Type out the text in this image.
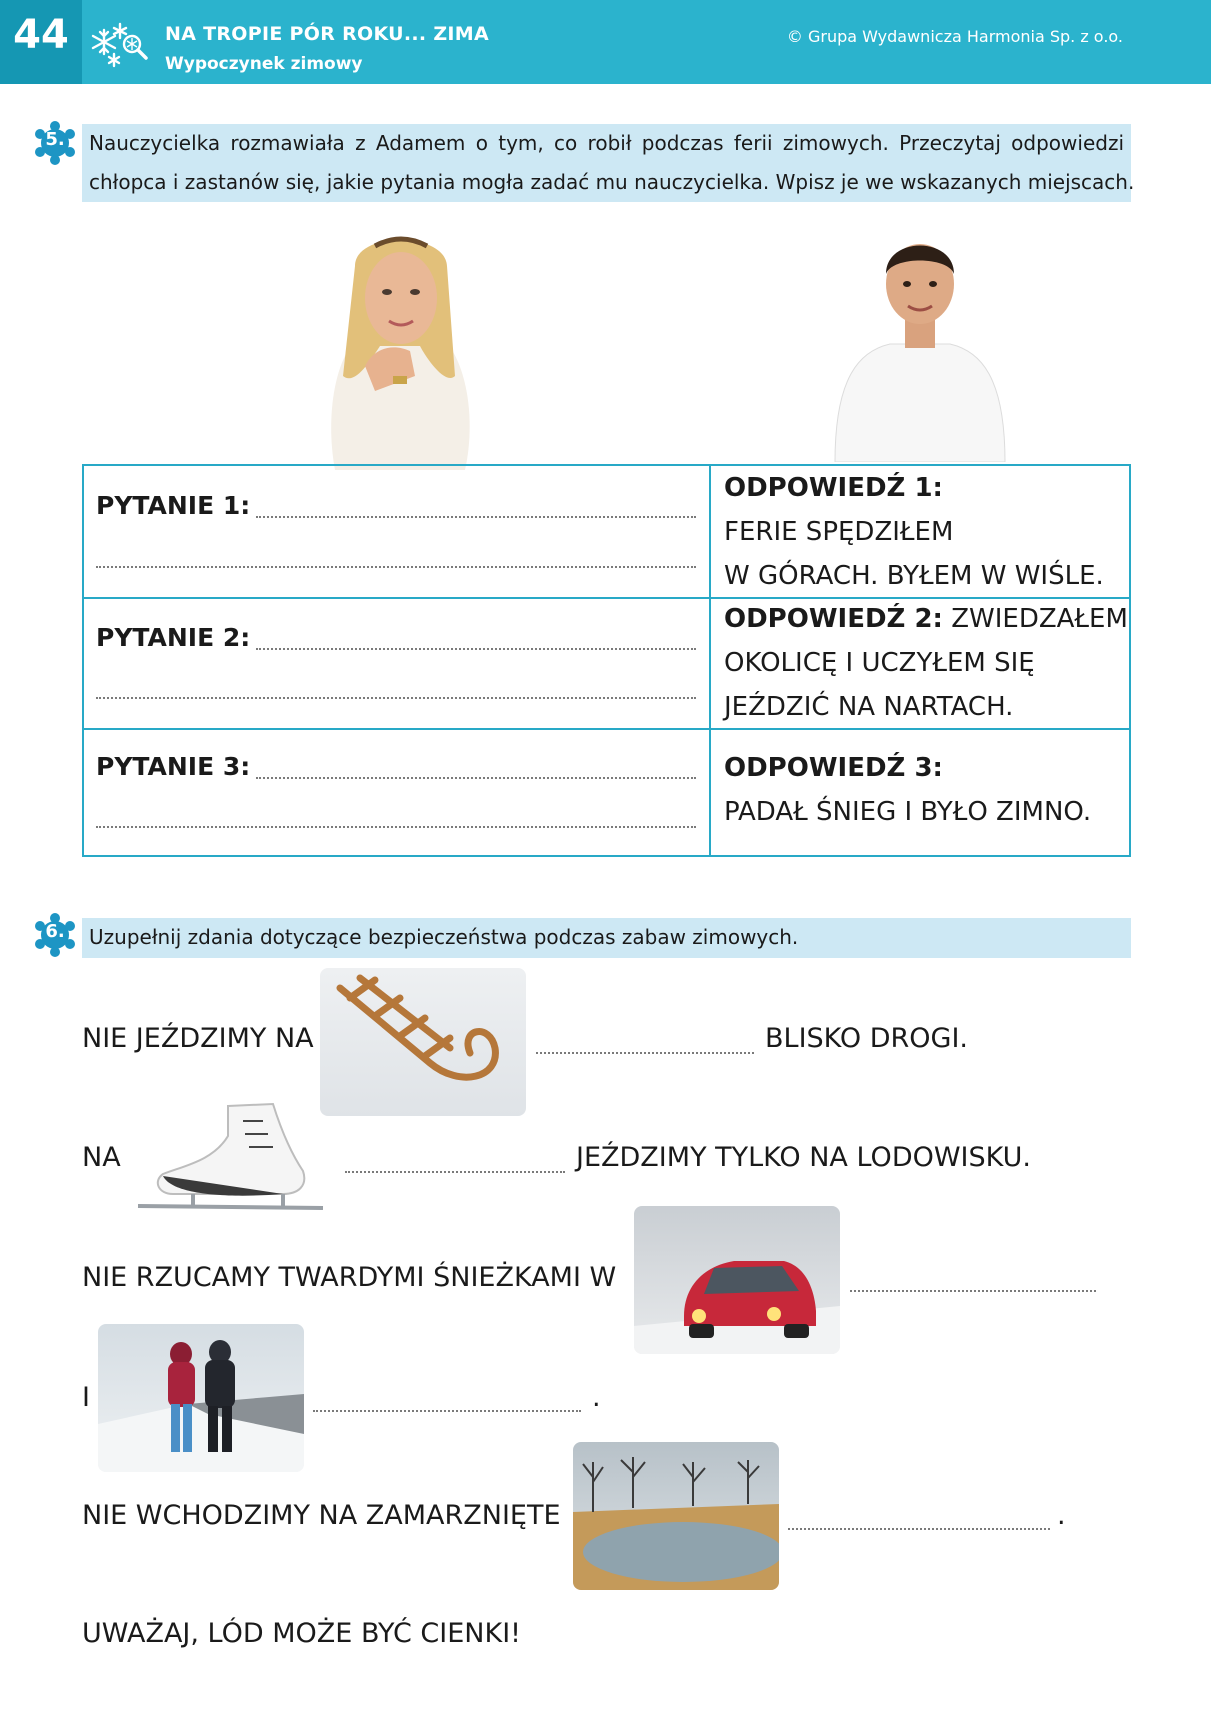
44	NA TROPIE PÓR ROKU... ZIMA
Wypoczynek zimowy
© Grupa Wydawnicza Harmonia Sp. z o.o.
5.	Nauczycielka rozmawiała z Adamem o tym, co robił podczas ferii zimowych. Przeczytaj odpowiedzi
chłopca i zastanów się, jakie pytania mogła zadać mu nauczycielka. Wpisz je we wskazanych miejscach.
PYTANIE 1:
ODPOWIEDŹ 1:
FERIE SPĘDZIŁEM
W GÓRACH. BYŁEM W WIŚLE.
PYTANIE 2:
ODPOWIEDŹ 2: ZWIEDZAŁEM
OKOLICĘ I UCZYŁEM SIĘ
JEŹDZIĆ NA NARTACH.
PYTANIE 3:	ODPOWIEDŹ 3:
PADAŁ ŚNIEG I BYŁO ZIMNO.
6.	Uzupełnij zdania dotyczące bezpieczeństwa podczas zabaw zimowych.
NIE JEŹDZIMY NA	BLISKO DROGI.
NA	JEŹDZIMY TYLKO NA LODOWISKU.
NIE RZUCAMY TWARDYMI ŚNIEŻKAMI W
I	.
NIE WCHODZIMY NA ZAMARZNIĘTE	.
UWAŻAJ, LÓD MOŻE BYĆ CIENKI!
